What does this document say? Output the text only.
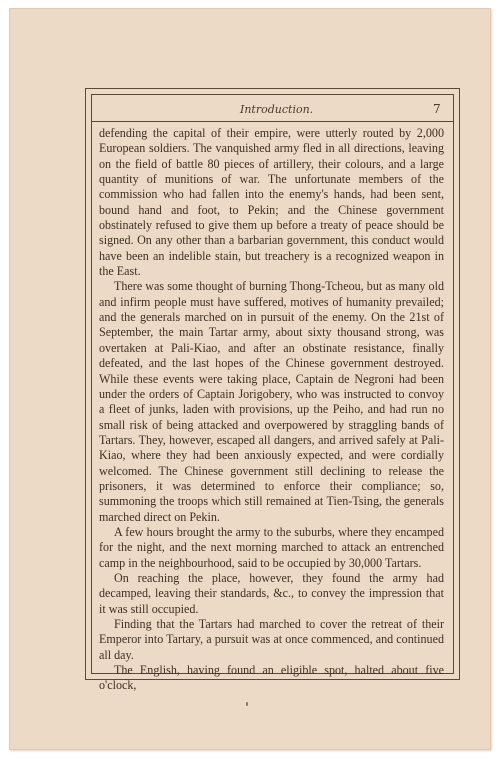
Introduction.	7

defending the capital of their empire, were utterly routed by 2,000 European soldiers. The vanquished army fled in all directions, leaving on the field of battle 80 pieces of artillery, their colours, and a large quantity of munitions of war. The unfortunate members of the commission who had fallen into the enemy's hands, had been sent, bound hand and foot, to Pekin; and the Chinese government obstinately refused to give them up before a treaty of peace should be signed. On any other than a barbarian government, this conduct would have been an indelible stain, but treachery is a recognized weapon in the East.

There was some thought of burning Thong-Tcheou, but as many old and infirm people must have suffered, motives of humanity prevailed; and the generals marched on in pursuit of the enemy. On the 21st of September, the main Tartar army, about sixty thousand strong, was overtaken at Pali-Kiao, and after an obstinate resistance, finally defeated, and the last hopes of the Chinese government destroyed. While these events were taking place, Captain de Negroni had been under the orders of Captain Jorigobery, who was instructed to convoy a fleet of junks, laden with provisions, up the Peiho, and had run no small risk of being attacked and overpowered by straggling bands of Tartars. They, however, escaped all dangers, and arrived safely at Pali-Kiao, where they had been anxiously expected, and were cordially welcomed. The Chinese government still declining to release the prisoners, it was determined to enforce their compliance; so, summoning the troops which still remained at Tien-Tsing, the generals marched direct on Pekin.

A few hours brought the army to the suburbs, where they encamped for the night, and the next morning marched to attack an entrenched camp in the neighbourhood, said to be occupied by 30,000 Tartars.

On reaching the place, however, they found the army had decamped, leaving their standards, &c., to convey the impression that it was still occupied.

Finding that the Tartars had marched to cover the retreat of their Emperor into Tartary, a pursuit was at once commenced, and continued all day.

The English, having found an eligible spot, halted about five o'clock,
